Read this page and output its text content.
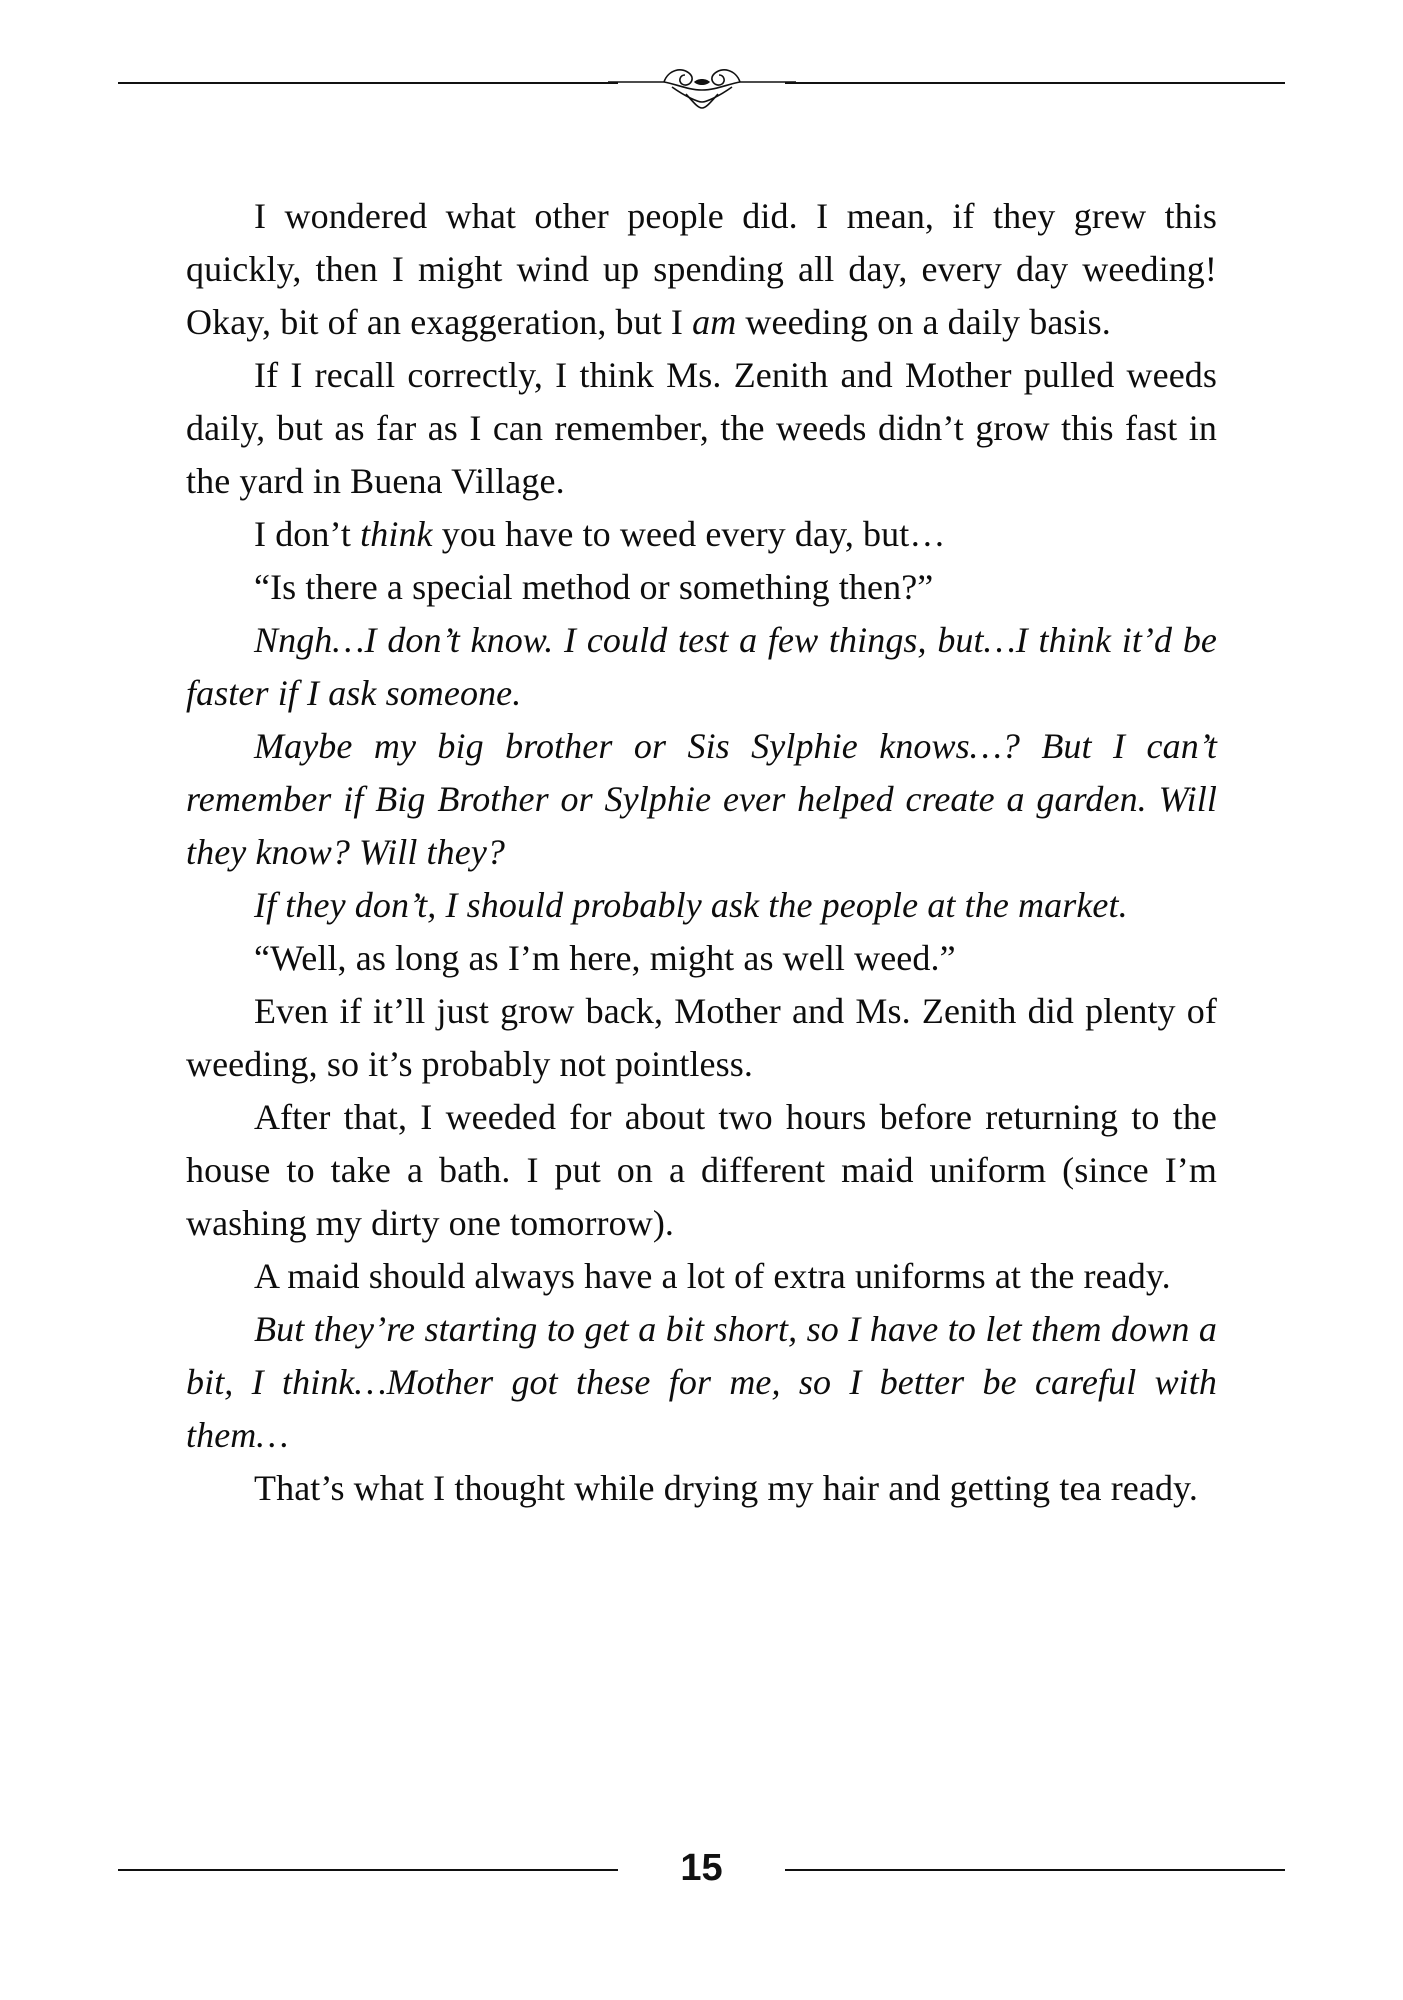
I wondered what other people did. I mean, if they grew this quickly, then I might wind up spending all day, every day weeding! Okay, bit of an exaggeration, but I am weeding on a daily basis.

If I recall correctly, I think Ms. Zenith and Mother pulled weeds daily, but as far as I can remember, the weeds didn’t grow this fast in the yard in Buena Village.

I don’t think you have to weed every day, but…

“Is there a special method or something then?”

Nngh…I don’t know. I could test a few things, but…I think it’d be faster if I ask someone.

Maybe my big brother or Sis Sylphie knows…? But I can’t remember if Big Brother or Sylphie ever helped create a garden. Will they know? Will they?

If they don’t, I should probably ask the people at the market.

“Well, as long as I’m here, might as well weed.”

Even if it’ll just grow back, Mother and Ms. Zenith did plenty of weeding, so it’s probably not pointless.

After that, I weeded for about two hours before returning to the house to take a bath. I put on a different maid uniform (since I’m washing my dirty one tomorrow).

A maid should always have a lot of extra uniforms at the ready.

But they’re starting to get a bit short, so I have to let them down a bit, I think…Mother got these for me, so I better be careful with them…

That’s what I thought while drying my hair and getting tea ready.

15
